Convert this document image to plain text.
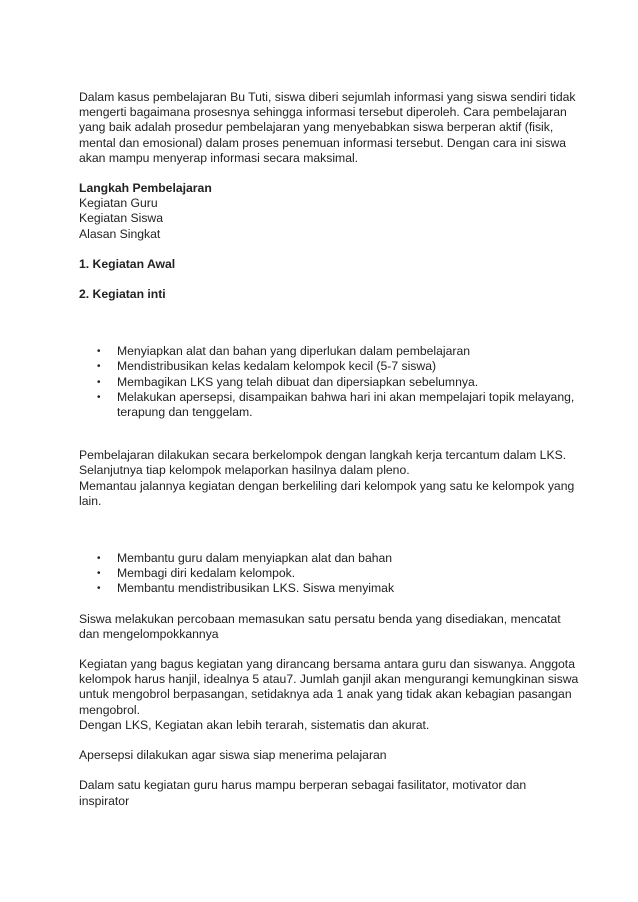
Dalam kasus pembelajaran Bu Tuti, siswa diberi sejumlah informasi yang siswa sendiri tidak mengerti bagaimana prosesnya sehingga informasi tersebut diperoleh. Cara pembelajaran yang baik adalah prosedur pembelajaran yang menyebabkan siswa berperan aktif (fisik, mental dan emosional) dalam proses penemuan informasi tersebut. Dengan cara ini siswa akan mampu menyerap informasi secara maksimal.

Langkah Pembelajaran

Kegiatan Guru

Kegiatan Siswa

Alasan Singkat

1. Kegiatan Awal

2. Kegiatan inti

• Menyiapkan alat dan bahan yang diperlukan dalam pembelajaran
• Mendistribusikan kelas kedalam kelompok kecil (5-7 siswa)
• Membagikan LKS yang telah dibuat dan dipersiapkan sebelumnya.
• Melakukan apersepsi, disampaikan bahwa hari ini akan mempelajari topik melayang, terapung dan tenggelam.

Pembelajaran dilakukan secara berkelompok dengan langkah kerja tercantum dalam LKS.

Selanjutnya tiap kelompok melaporkan hasilnya dalam pleno.

Memantau jalannya kegiatan dengan berkeliling dari kelompok yang satu ke kelompok yang lain.

• Membantu guru dalam menyiapkan alat dan bahan
• Membagi diri kedalam kelompok.
• Membantu mendistribusikan LKS. Siswa menyimak

Siswa melakukan percobaan memasukan satu persatu benda yang disediakan, mencatat dan mengelompokkannya

Kegiatan yang bagus kegiatan yang dirancang bersama antara guru dan siswanya. Anggota kelompok harus hanjil, idealnya 5 atau7. Jumlah ganjil akan mengurangi kemungkinan siswa untuk mengobrol berpasangan, setidaknya ada 1 anak yang tidak akan kebagian pasangan mengobrol.

Dengan LKS, Kegiatan akan lebih terarah, sistematis dan akurat.

Apersepsi dilakukan agar siswa siap menerima pelajaran

Dalam satu kegiatan guru harus mampu berperan sebagai fasilitator, motivator dan inspirator
